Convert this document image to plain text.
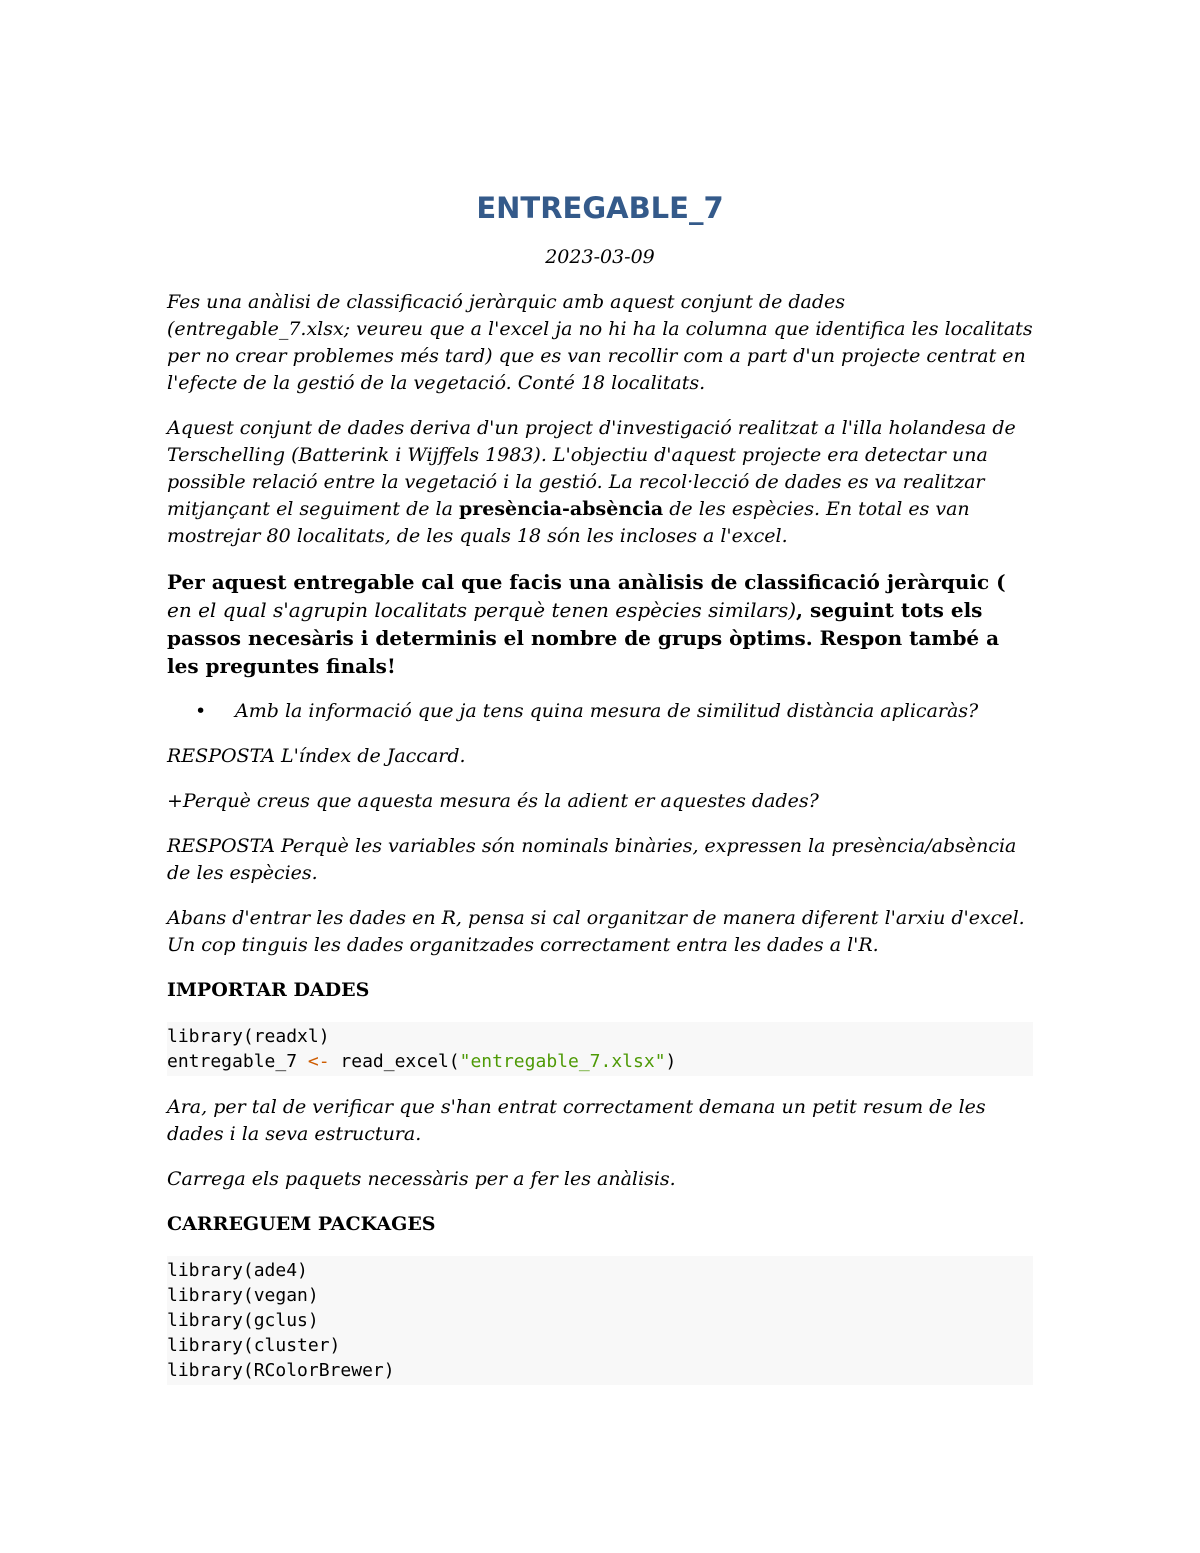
ENTREGABLE_7
2023-03-09

Fes una anàlisi de classificació jeràrquic amb aquest conjunt de dades (entregable_7.xlsx; veureu que a l'excel ja no hi ha la columna que identifica les localitats per no crear problemes més tard) que es van recollir com a part d'un projecte centrat en l'efecte de la gestió de la vegetació. Conté 18 localitats.

Aquest conjunt de dades deriva d'un project d'investigació realitzat a l'illa holandesa de Terschelling (Batterink i Wijffels 1983). L'objectiu d'aquest projecte era detectar una possible relació entre la vegetació i la gestió. La recol·lecció de dades es va realitzar mitjançant el seguiment de la presència-absència de les espècies. En total es van mostrejar 80 localitats, de les quals 18 són les incloses a l'excel.

Per aquest entregable cal que facis una anàlisis de classificació jeràrquic ( en el qual s'agrupin localitats perquè tenen espècies similars), seguint tots els passos necesàris i determinis el nombre de grups òptims. Respon també a les preguntes finals!

• Amb la informació que ja tens quina mesura de similitud distància aplicaràs?

RESPOSTA L'índex de Jaccard.

+Perquè creus que aquesta mesura és la adient er aquestes dades?

RESPOSTA Perquè les variables són nominals binàries, expressen la presència/absència de les espècies.

Abans d'entrar les dades en R, pensa si cal organitzar de manera diferent l'arxiu d'excel. Un cop tinguis les dades organitzades correctament entra les dades a l'R.

IMPORTAR DADES
library(readxl)
entregable_7 <- read_excel("entregable_7.xlsx")

Ara, per tal de verificar que s'han entrat correctament demana un petit resum de les dades i la seva estructura.

Carrega els paquets necessàris per a fer les anàlisis.

CARREGUEM PACKAGES
library(ade4)
library(vegan)
library(gclus)
library(cluster)
library(RColorBrewer)
